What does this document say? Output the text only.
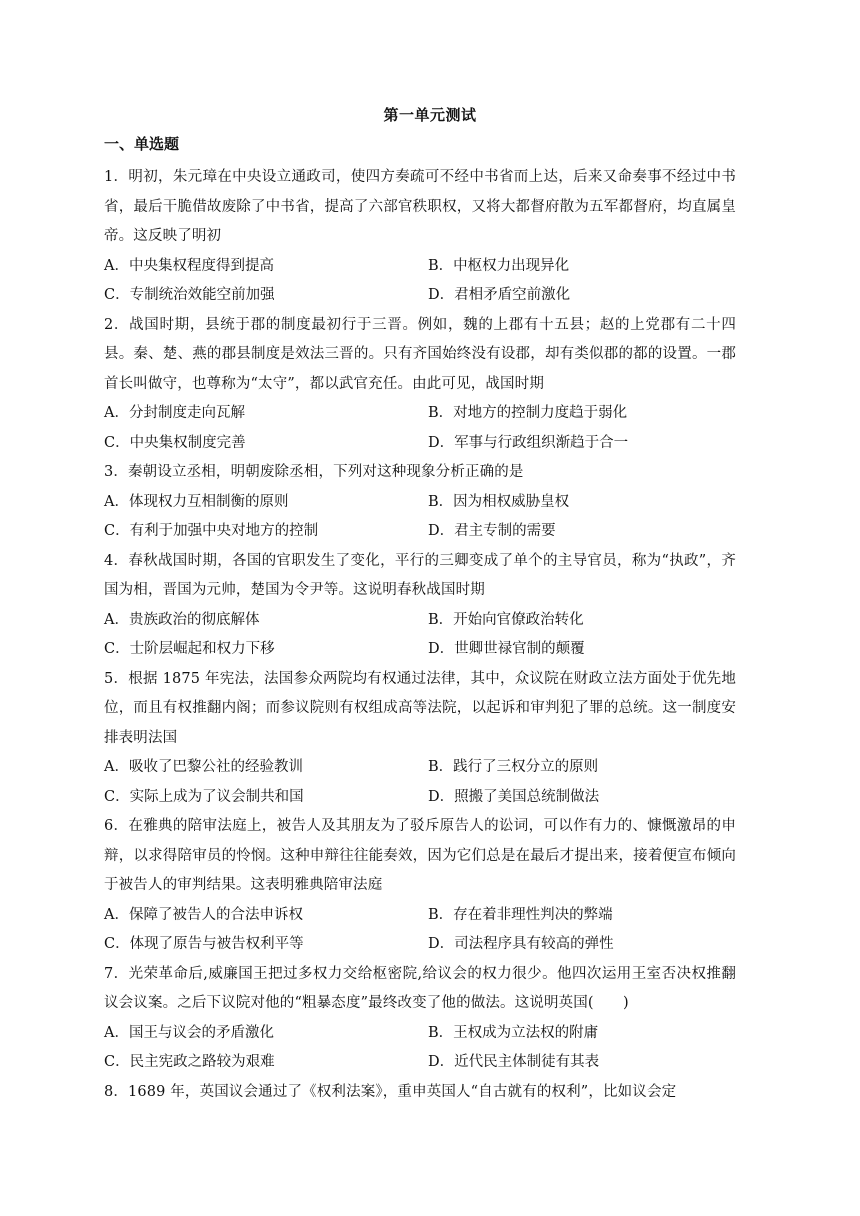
第一单元测试
一、单选题
1．明初，朱元璋在中央设立通政司，使四方奏疏可不经中书省而上达，后来又命奏事不经过中书省，最后干脆借故废除了中书省，提高了六部官秩职权，又将大都督府散为五军都督府，均直属皇帝。这反映了明初
A．中央集权程度得到提高	B．中枢权力出现异化
C．专制统治效能空前加强	D．君相矛盾空前激化
2．战国时期，县统于郡的制度最初行于三晋。例如，魏的上郡有十五县；赵的上党郡有二十四县。秦、楚、燕的郡县制度是效法三晋的。只有齐国始终没有设郡，却有类似郡的都的设置。一郡首长叫做守，也尊称为“太守”，都以武官充任。由此可见，战国时期
A．分封制度走向瓦解	B．对地方的控制力度趋于弱化
C．中央集权制度完善	D．军事与行政组织渐趋于合一
3．秦朝设立丞相，明朝废除丞相，下列对这种现象分析正确的是
A．体现权力互相制衡的原则	B．因为相权威胁皇权
C．有利于加强中央对地方的控制	D．君主专制的需要
4．春秋战国时期，各国的官职发生了变化，平行的三卿变成了单个的主导官员，称为“执政”，齐国为相，晋国为元帅，楚国为令尹等。这说明春秋战国时期
A．贵族政治的彻底解体	B．开始向官僚政治转化
C．士阶层崛起和权力下移	D．世卿世禄官制的颠覆
5．根据 1875 年宪法，法国参众两院均有权通过法律，其中，众议院在财政立法方面处于优先地位，而且有权推翻内阁；而参议院则有权组成高等法院，以起诉和审判犯了罪的总统。这一制度安排表明法国
A．吸收了巴黎公社的经验教训	B．践行了三权分立的原则
C．实际上成为了议会制共和国	D．照搬了美国总统制做法
6．在雅典的陪审法庭上，被告人及其朋友为了驳斥原告人的讼词，可以作有力的、慷慨激昂的申辩，以求得陪审员的怜悯。这种申辩往往能奏效，因为它们总是在最后才提出来，接着便宣布倾向于被告人的审判结果。这表明雅典陪审法庭
A．保障了被告人的合法申诉权	B．存在着非理性判决的弊端
C．体现了原告与被告权利平等	D．司法程序具有较高的弹性
7．光荣革命后,威廉国王把过多权力交给枢密院,给议会的权力很少。他四次运用王室否决权推翻议会议案。之后下议院对他的“粗暴态度”最终改变了他的做法。这说明英国(　　)
A．国王与议会的矛盾激化	B．王权成为立法权的附庸
C．民主宪政之路较为艰难	D．近代民主体制徒有其表
8．1689 年，英国议会通过了《权利法案》，重申英国人“自古就有的权利”，比如议会定
